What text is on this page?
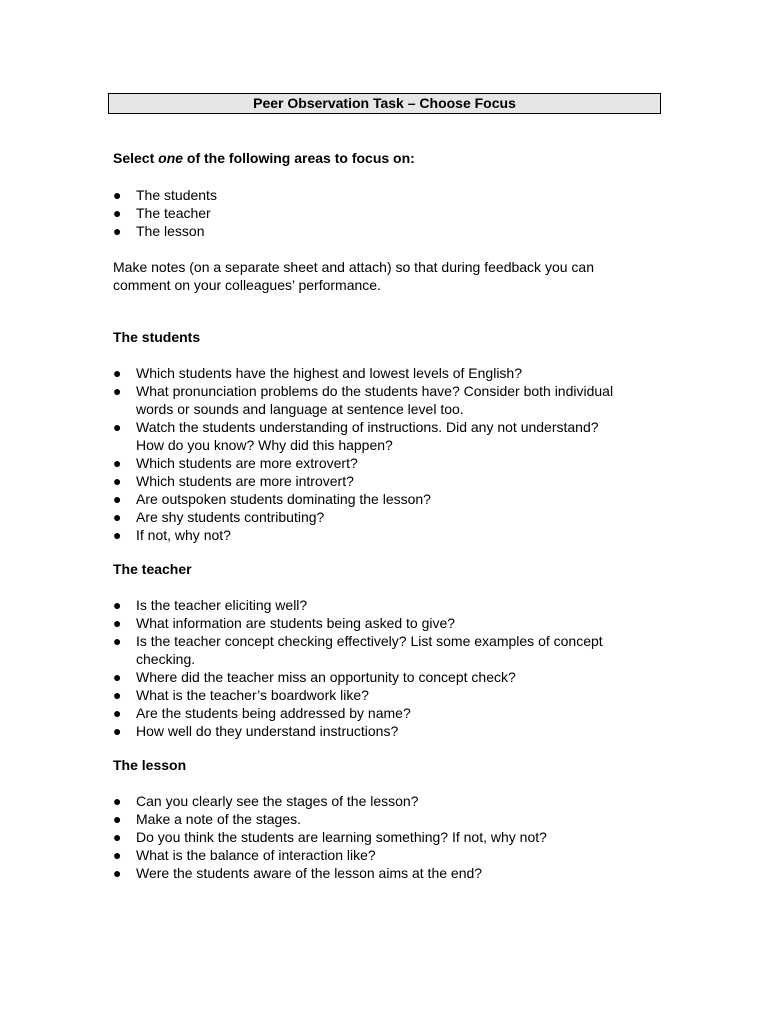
Peer Observation Task – Choose Focus
Select one of the following areas to focus on:
●	The students
●	The teacher
●	The lesson
Make notes (on a separate sheet and attach) so that during feedback you can
comment on your colleagues’ performance.
The students
●	Which students have the highest and lowest levels of English?
●	What pronunciation problems do the students have? Consider both individual
words or sounds and language at sentence level too.
●	Watch the students understanding of instructions. Did any not understand?
How do you know? Why did this happen?
●	Which students are more extrovert?
●	Which students are more introvert?
●	Are outspoken students dominating the lesson?
●	Are shy students contributing?
●	If not, why not?
The teacher
●	Is the teacher eliciting well?
●	What information are students being asked to give?
●	Is the teacher concept checking effectively? List some examples of concept
checking.
●	Where did the teacher miss an opportunity to concept check?
●	What is the teacher’s boardwork like?
●	Are the students being addressed by name?
●	How well do they understand instructions?
The lesson
●	Can you clearly see the stages of the lesson?
●	Make a note of the stages.
●	Do you think the students are learning something? If not, why not?
●	What is the balance of interaction like?
●	Were the students aware of the lesson aims at the end?
